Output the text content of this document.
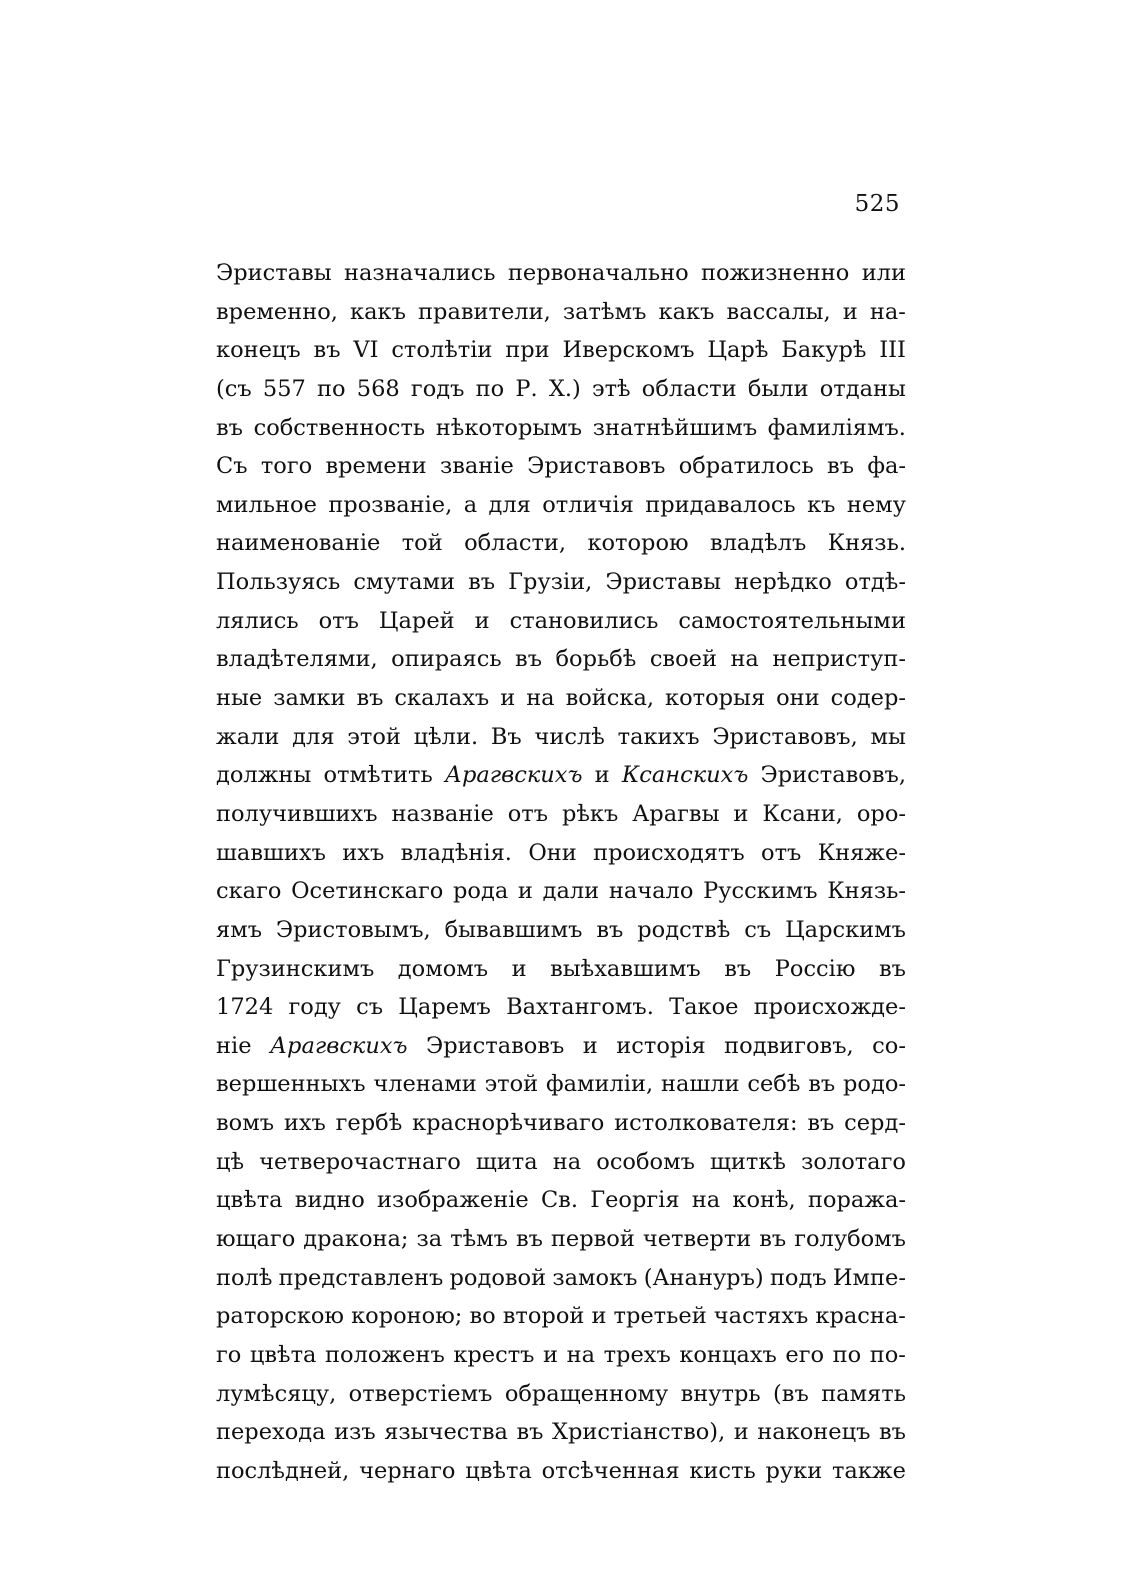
525
Эриставы назначались первоначально пожизненно или
временно, какъ правители, затѣмъ какъ вассалы, и на-
конецъ въ VI столѣтіи при Иверскомъ Царѣ Бакурѣ III
(съ 557 по 568 годъ по Р. Х.) этѣ области были отданы
въ собственность нѣкоторымъ знатнѣйшимъ фамиліямъ.
Съ того времени званіе Эриставовъ обратилось въ фа-
мильное прозваніе, а для отличія придавалось къ нему
наименованіе той области, которою владѣлъ Князь.
Пользуясь смутами въ Грузіи, Эриставы нерѣдко отдѣ-
лялись отъ Царей и становились самостоятельными
владѣтелями, опираясь въ борьбѣ своей на неприступ-
ные замки въ скалахъ и на войска, которыя они содер-
жали для этой цѣли. Въ числѣ такихъ Эриставовъ, мы
должны отмѣтить Арагвскихъ и Ксанскихъ Эриставовъ,
получившихъ названіе отъ рѣкъ Арагвы и Ксани, оро-
шавшихъ ихъ владѣнія. Они происходятъ отъ Княже-
скаго Осетинскаго рода и дали начало Русскимъ Князь-
ямъ Эристовымъ, бывавшимъ въ родствѣ съ Царскимъ
Грузинскимъ домомъ и выѣхавшимъ въ Россію въ
1724 году съ Царемъ Вахтангомъ. Такое происхожде-
ніе Арагвскихъ Эриставовъ и исторія подвиговъ, со-
вершенныхъ членами этой фамиліи, нашли себѣ въ родо-
вомъ ихъ гербѣ краснорѣчиваго истолкователя: въ серд-
цѣ четверочастнаго щита на особомъ щиткѣ золотаго
цвѣта видно изображеніе Св. Георгія на конѣ, поража-
ющаго дракона; за тѣмъ въ первой четверти въ голубомъ
полѣ представленъ родовой замокъ (Анануръ) подъ Импе-
раторскою короною; во второй и третьей частяхъ красна-
го цвѣта положенъ крестъ и на трехъ концахъ его по по-
лумѣсяцу, отверстіемъ обращенному внутрь (въ память
перехода изъ язычества въ Христіанство), и наконецъ въ
послѣдней, чернаго цвѣта отсѣченная кисть руки также
